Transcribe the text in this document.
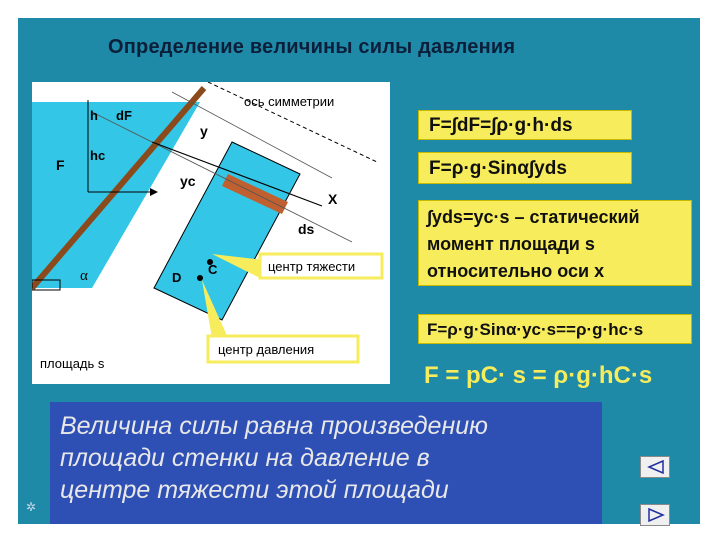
Определение величины силы давления
h dF
hc
F
y
yc
X
ds
α	D
C
ось симметрии
площадь s
центр тяжести
центр давления
F=∫dF=∫ρ·g·h·ds
F=ρ·g·Sinα∫yds
∫yds=yc·s – статический
момент площади s
относительно оси x
F=ρ·g·Sinα·yc·s==ρ·g·hc·s
F = pC· s = ρ·g·hC·s
Величина силы равна произведению
площади стенки на давление в
центре тяжести этой площади
✲
